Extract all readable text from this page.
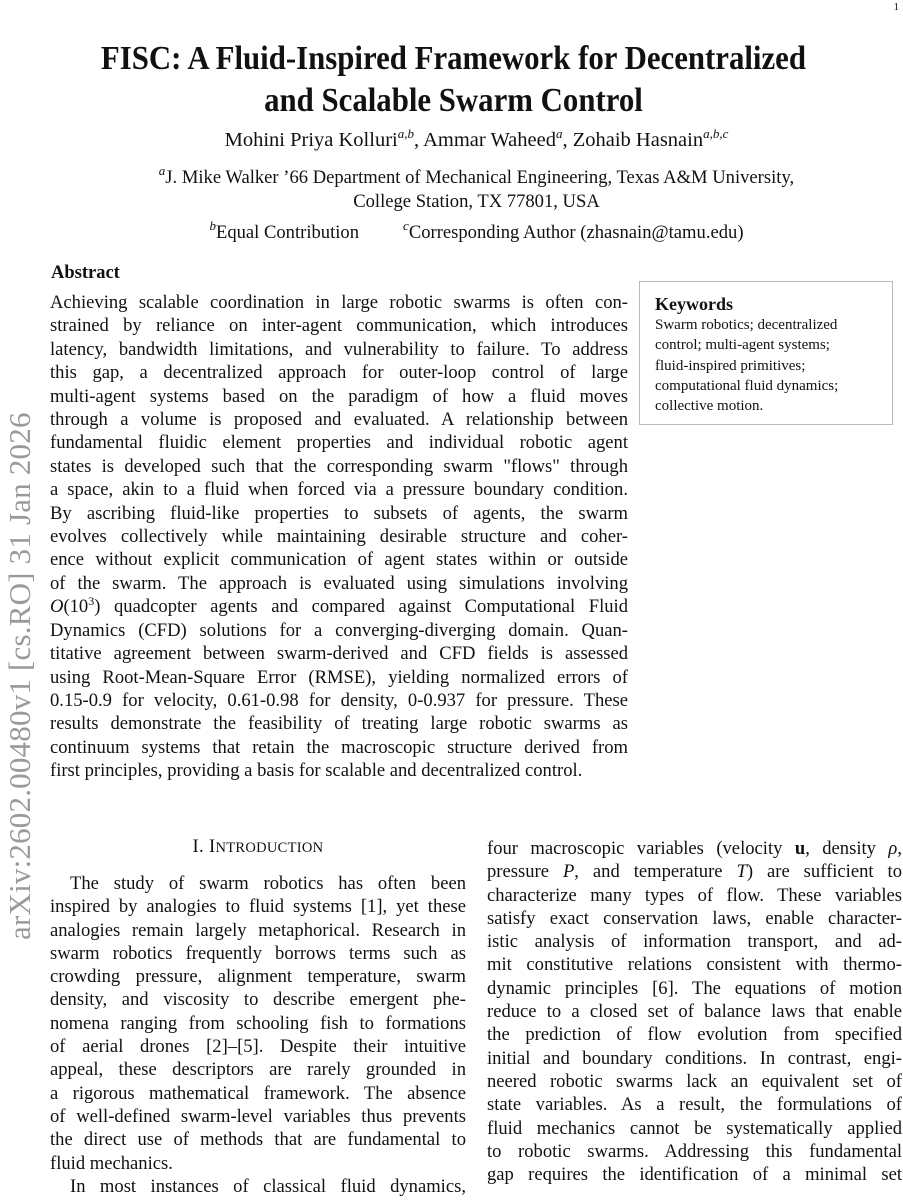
1
arXiv:2602.00480v1 [cs.RO] 31 Jan 2026
FISC: A Fluid-Inspired Framework for Decentralized
and Scalable Swarm Control
Mohini Priya Kolluri$^{a,b}$, Ammar Waheed$^a$, Zohaib Hasnain$^{a,b,c}$
$^a$J. Mike Walker ’66 Department of Mechanical Engineering, Texas A&M University,
College Station, TX 77801, USA
$^b$Equal Contribution	$^c$Corresponding Author (zhasnain@tamu.edu)
Abstract
Achieving scalable coordination in large robotic swarms is often con-
strained by reliance on inter-agent communication, which introduces
latency, bandwidth limitations, and vulnerability to failure. To address
this gap, a decentralized approach for outer-loop control of large
multi-agent systems based on the paradigm of how a fluid moves
through a volume is proposed and evaluated. A relationship between
fundamental fluidic element properties and individual robotic agent
states is developed such that the corresponding swarm "flows" through
a space, akin to a fluid when forced via a pressure boundary condition.
By ascribing fluid-like properties to subsets of agents, the swarm
evolves collectively while maintaining desirable structure and coher-
ence without explicit communication of agent states within or outside
of the swarm. The approach is evaluated using simulations involving
$O(10^3)$ quadcopter agents and compared against Computational Fluid
Dynamics (CFD) solutions for a converging-diverging domain. Quan-
titative agreement between swarm-derived and CFD fields is assessed
using Root-Mean-Square Error (RMSE), yielding normalized errors of
0.15-0.9 for velocity, 0.61-0.98 for density, 0-0.937 for pressure. These
results demonstrate the feasibility of treating large robotic swarms as
continuum systems that retain the macroscopic structure derived from
first principles, providing a basis for scalable and decentralized control.
Keywords
Swarm robotics; decentralized
control; multi-agent systems;
fluid-inspired primitives;
computational fluid dynamics;
collective motion.
I. INTRODUCTION
The study of swarm robotics has often been
inspired by analogies to fluid systems [1], yet these
analogies remain largely metaphorical. Research in
swarm robotics frequently borrows terms such as
crowding pressure, alignment temperature, swarm
density, and viscosity to describe emergent phe-
nomena ranging from schooling fish to formations
of aerial drones [2]–[5]. Despite their intuitive
appeal, these descriptors are rarely grounded in
a rigorous mathematical framework. The absence
of well-defined swarm-level variables thus prevents
the direct use of methods that are fundamental to
fluid mechanics.
In most instances of classical fluid dynamics,
four macroscopic variables (velocity u, density ρ,
pressure P, and temperature T) are sufficient to
characterize many types of flow. These variables
satisfy exact conservation laws, enable character-
istic analysis of information transport, and ad-
mit constitutive relations consistent with thermo-
dynamic principles [6]. The equations of motion
reduce to a closed set of balance laws that enable
the prediction of flow evolution from specified
initial and boundary conditions. In contrast, engi-
neered robotic swarms lack an equivalent set of
state variables. As a result, the formulations of
fluid mechanics cannot be systematically applied
to robotic swarms. Addressing this fundamental
gap requires the identification of a minimal set
